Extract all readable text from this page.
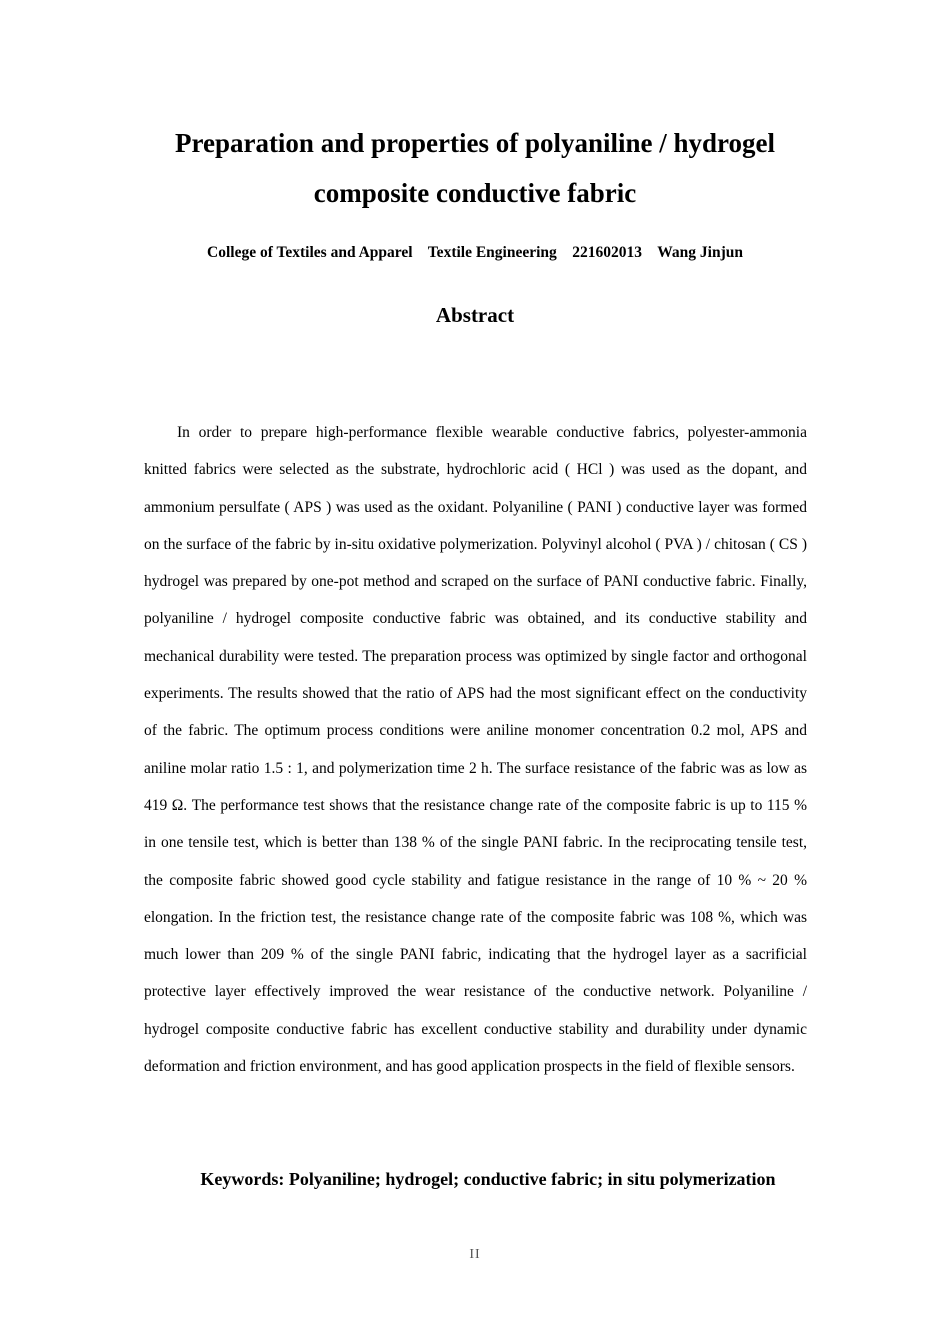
Preparation and properties of polyaniline / hydrogel
composite conductive fabric
College of Textiles and Apparel    Textile Engineering    221602013    Wang Jinjun
Abstract

In order to prepare high-performance flexible wearable conductive fabrics, polyester-ammonia knitted fabrics were selected as the substrate, hydrochloric acid ( HCl ) was used as the dopant, and ammonium persulfate ( APS ) was used as the oxidant. Polyaniline ( PANI ) conductive layer was formed on the surface of the fabric by in-situ oxidative polymerization. Polyvinyl alcohol ( PVA ) / chitosan ( CS ) hydrogel was prepared by one-pot method and scraped on the surface of PANI conductive fabric. Finally, polyaniline / hydrogel composite conductive fabric was obtained, and its conductive stability and mechanical durability were tested. The preparation process was optimized by single factor and orthogonal experiments. The results showed that the ratio of APS had the most significant effect on the conductivity of the fabric. The optimum process conditions were aniline monomer concentration 0.2 mol, APS and aniline molar ratio 1.5 : 1, and polymerization time 2 h. The surface resistance of the fabric was as low as 419 Ω. The performance test shows that the resistance change rate of the composite fabric is up to 115 % in one tensile test, which is better than 138 % of the single PANI fabric. In the reciprocating tensile test, the composite fabric showed good cycle stability and fatigue resistance in the range of 10 % ~ 20 % elongation. In the friction test, the resistance change rate of the composite fabric was 108 %, which was much lower than 209 % of the single PANI fabric, indicating that the hydrogel layer as a sacrificial protective layer effectively improved the wear resistance of the conductive network. Polyaniline / hydrogel composite conductive fabric has excellent conductive stability and durability under dynamic deformation and friction environment, and has good application prospects in the field of flexible sensors.

Keywords: Polyaniline; hydrogel; conductive fabric; in situ polymerization
II
